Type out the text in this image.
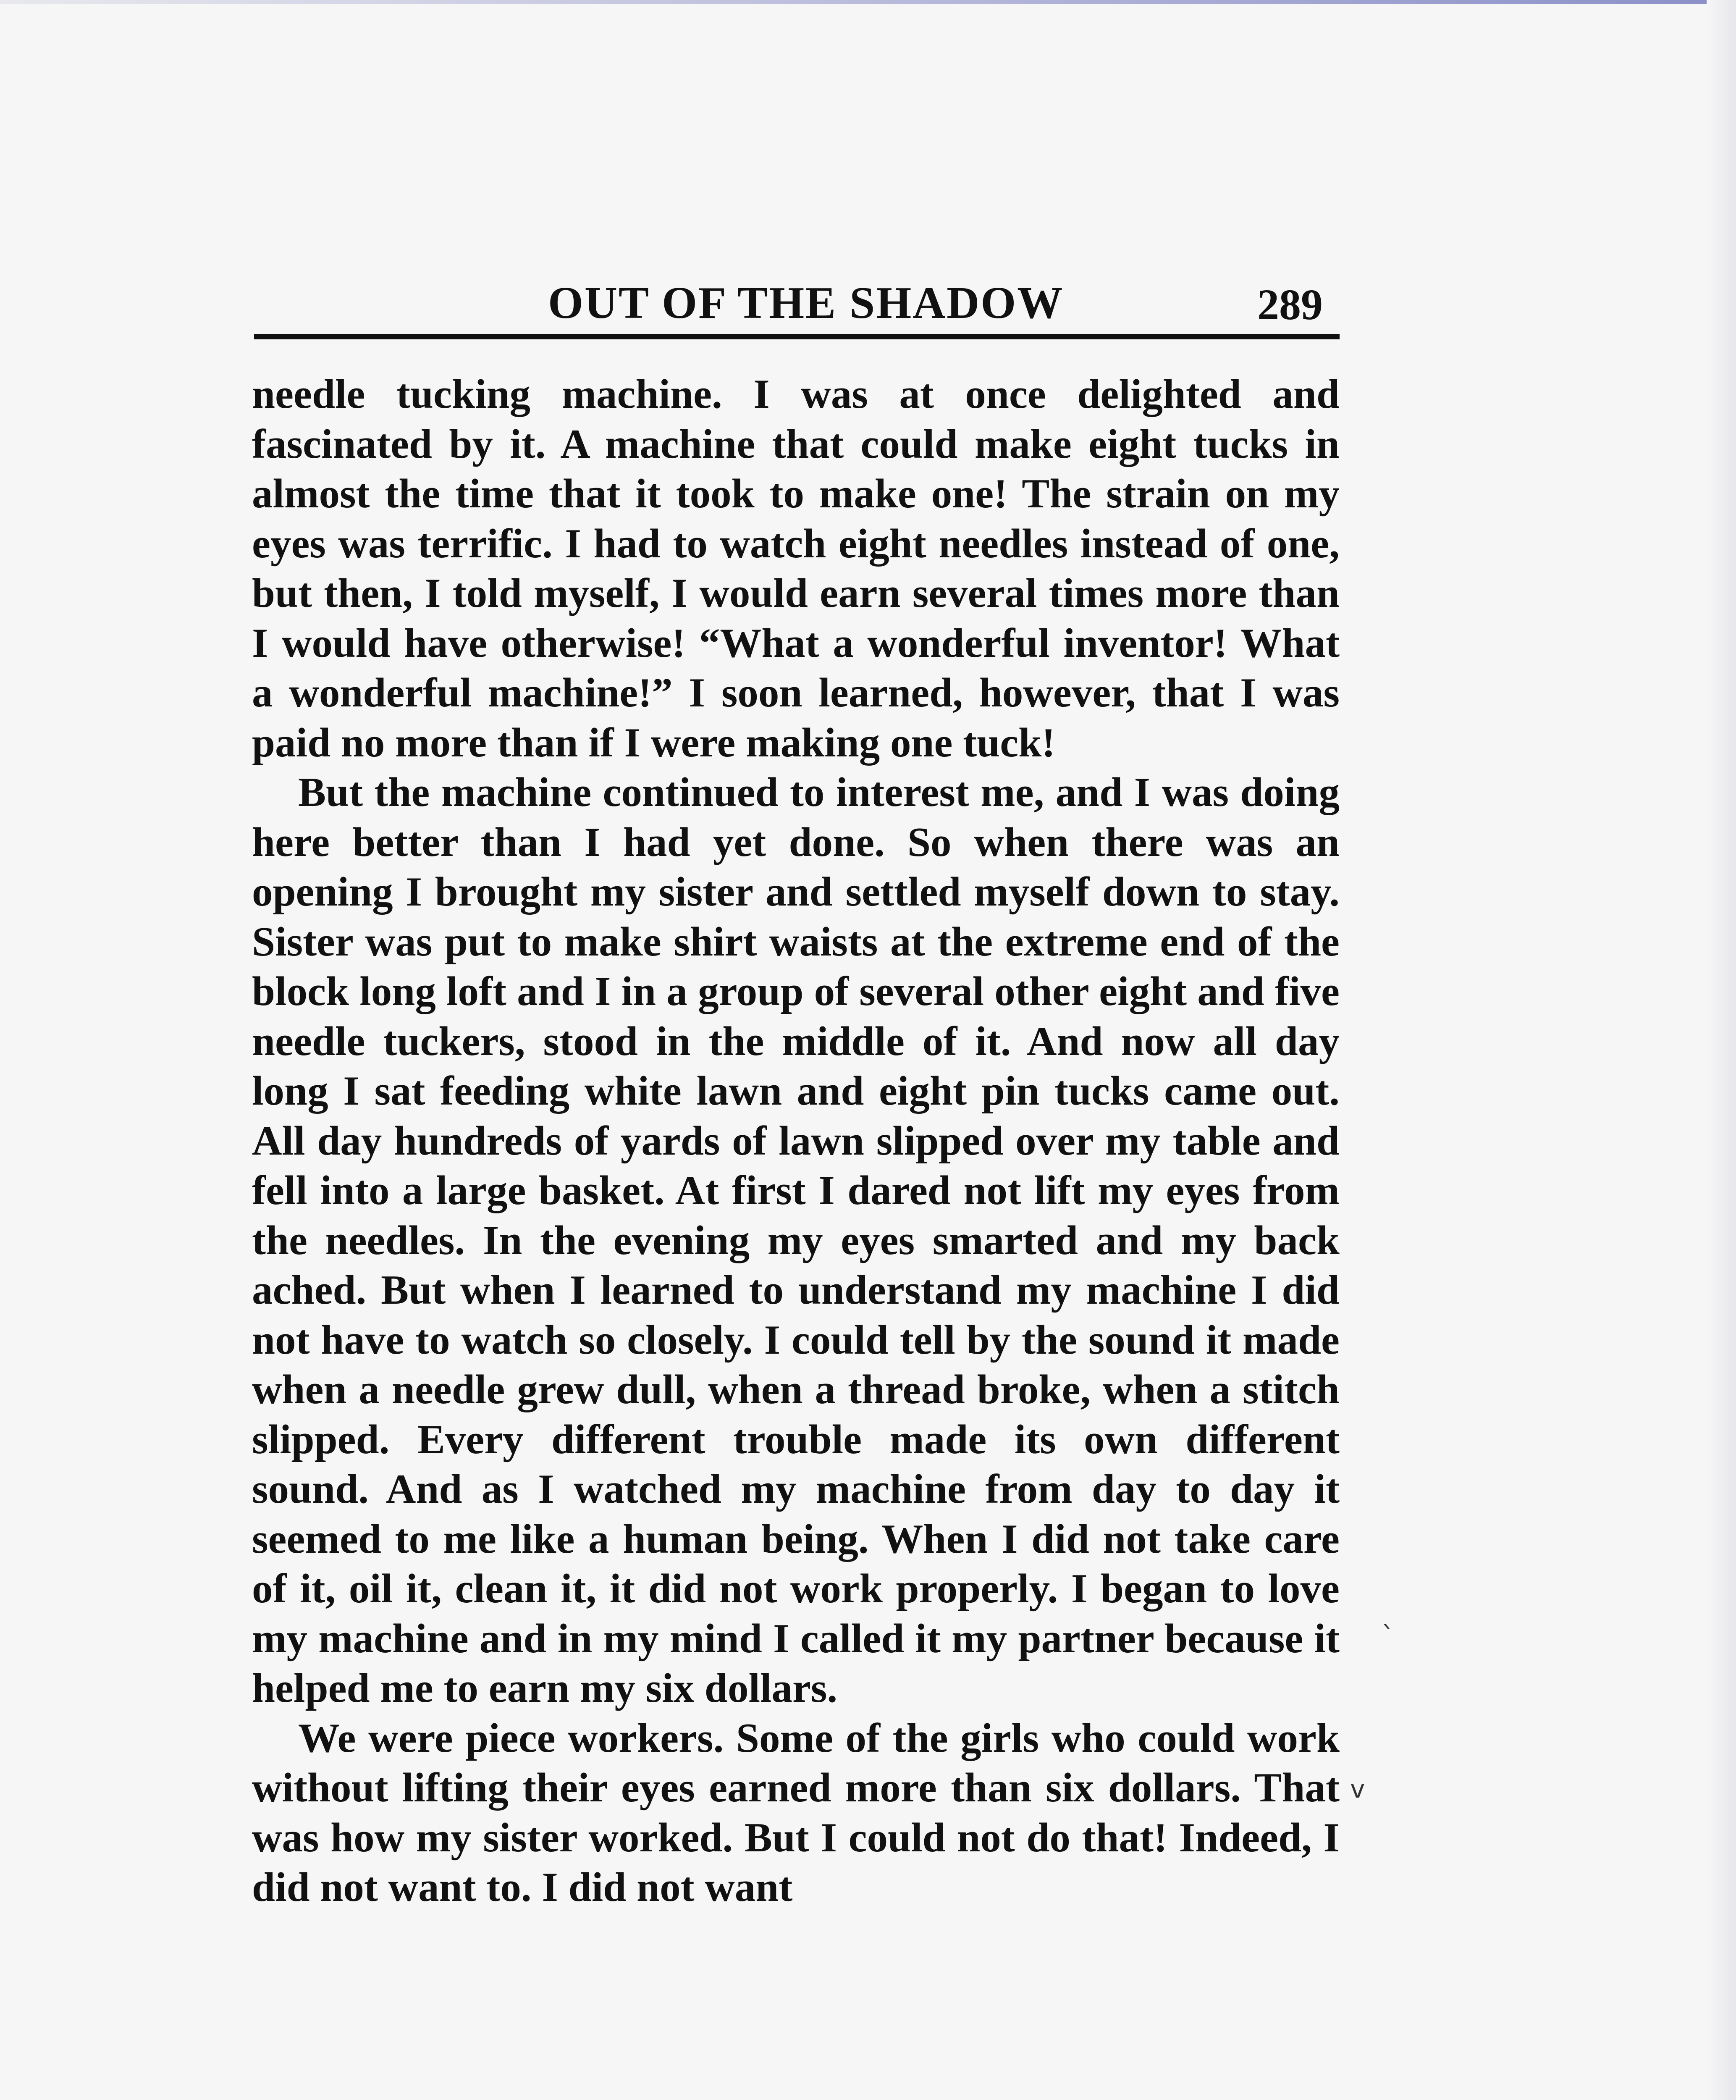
OUT OF THE SHADOW	289

needle tucking machine. I was at once delighted and fascinated by it. A machine that could make eight tucks in almost the time that it took to make one! The strain on my eyes was terrific. I had to watch eight needles instead of one, but then, I told myself, I would earn several times more than I would have otherwise! “What a wonderful inventor! What a wonderful machine!” I soon learned, however, that I was paid no more than if I were making one tuck!

But the machine continued to interest me, and I was doing here better than I had yet done. So when there was an opening I brought my sister and settled myself down to stay. Sister was put to make shirt waists at the extreme end of the block long loft and I in a group of several other eight and five needle tuckers, stood in the middle of it. And now all day long I sat feeding white lawn and eight pin tucks came out. All day hundreds of yards of lawn slipped over my table and fell into a large basket. At first I dared not lift my eyes from the needles. In the evening my eyes smarted and my back ached. But when I learned to understand my machine I did not have to watch so closely. I could tell by the sound it made when a needle grew dull, when a thread broke, when a stitch slipped. Every different trouble made its own different sound. And as I watched my machine from day to day it seemed to me like a human being. When I did not take care of it, oil it, clean it, it did not work properly. I began to love my machine and in my mind I called it my partner because it helped me to earn my six dollars.

We were piece workers. Some of the girls who could work without lifting their eyes earned more than six dollars. That was how my sister worked. But I could not do that! Indeed, I did not want to. I did not want

ˋ
v
